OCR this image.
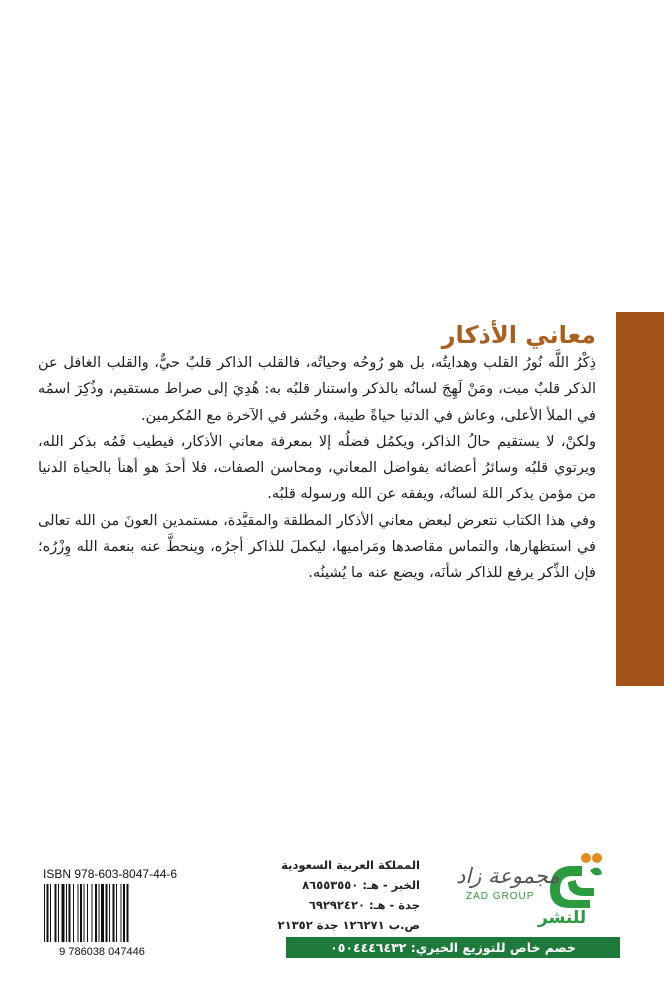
معاني الأذكار

ذِكْرُ اللَّه نُورُ القلب وهدايتُه، بل هو رُوحُه وحياتُه، فالقلب الذاكر قلبٌ حيٌّ، والقلب الغافل عن الذكر قلبٌ ميت، ومَنْ لَهِجَ لسانُه بالذكر واستنار قلبُه به: هُدِيَ إلى صراط مستقيم، وذُكِرَ اسمُه في الملأ الأعلى، وعاش في الدنيا حياةً طيبة، وحُشر في الآخرة مع المُكرمين.

ولكنْ، لا يستقيم حالُ الذاكر، ويكمُل فضلُه إلا بمعرفة معاني الأذكار، فيطيب فَمُه بذكر الله، ويرتوي قلبُه وسائرُ أعضائه بفواضل المعاني، ومحاسن الصفات، فلا أحدَ هو أهنأ بالحياة الدنيا من مؤمن يذكر اللهَ لسانُه، ويفقه عن الله ورسوله قلبُه.

وفي هذا الكتاب نتعرض لبعض معاني الأذكار المطلقة والمقيَّدة، مستمدين العونَ من الله تعالى في استظهارها، والتماس مقاصدها ومَراميها، ليكملَ للذاكر أجرُه، وينحطَّ عنه بنعمة الله وِزْرُه؛ فإن الذِّكر يرفع للذاكر شأنَه، ويضع عنه ما يُشينُه.

ISBN 978-603-8047-44-6
9 786038 047446
المملكة العربية السعودية
الخبر - هـ: ٨٦٥٥٣٥٥٠
جدة - هـ: ٦٩٢٩٢٤٢٠
ص.ب ١٢٦٢٧١ جدة ٢١٣٥٢
مجموعة زاد
ZAD GROUP
للنشر
خصم خاص للتوزيع الخيري: ٠٥٠٤٤٤٦٤٣٢
